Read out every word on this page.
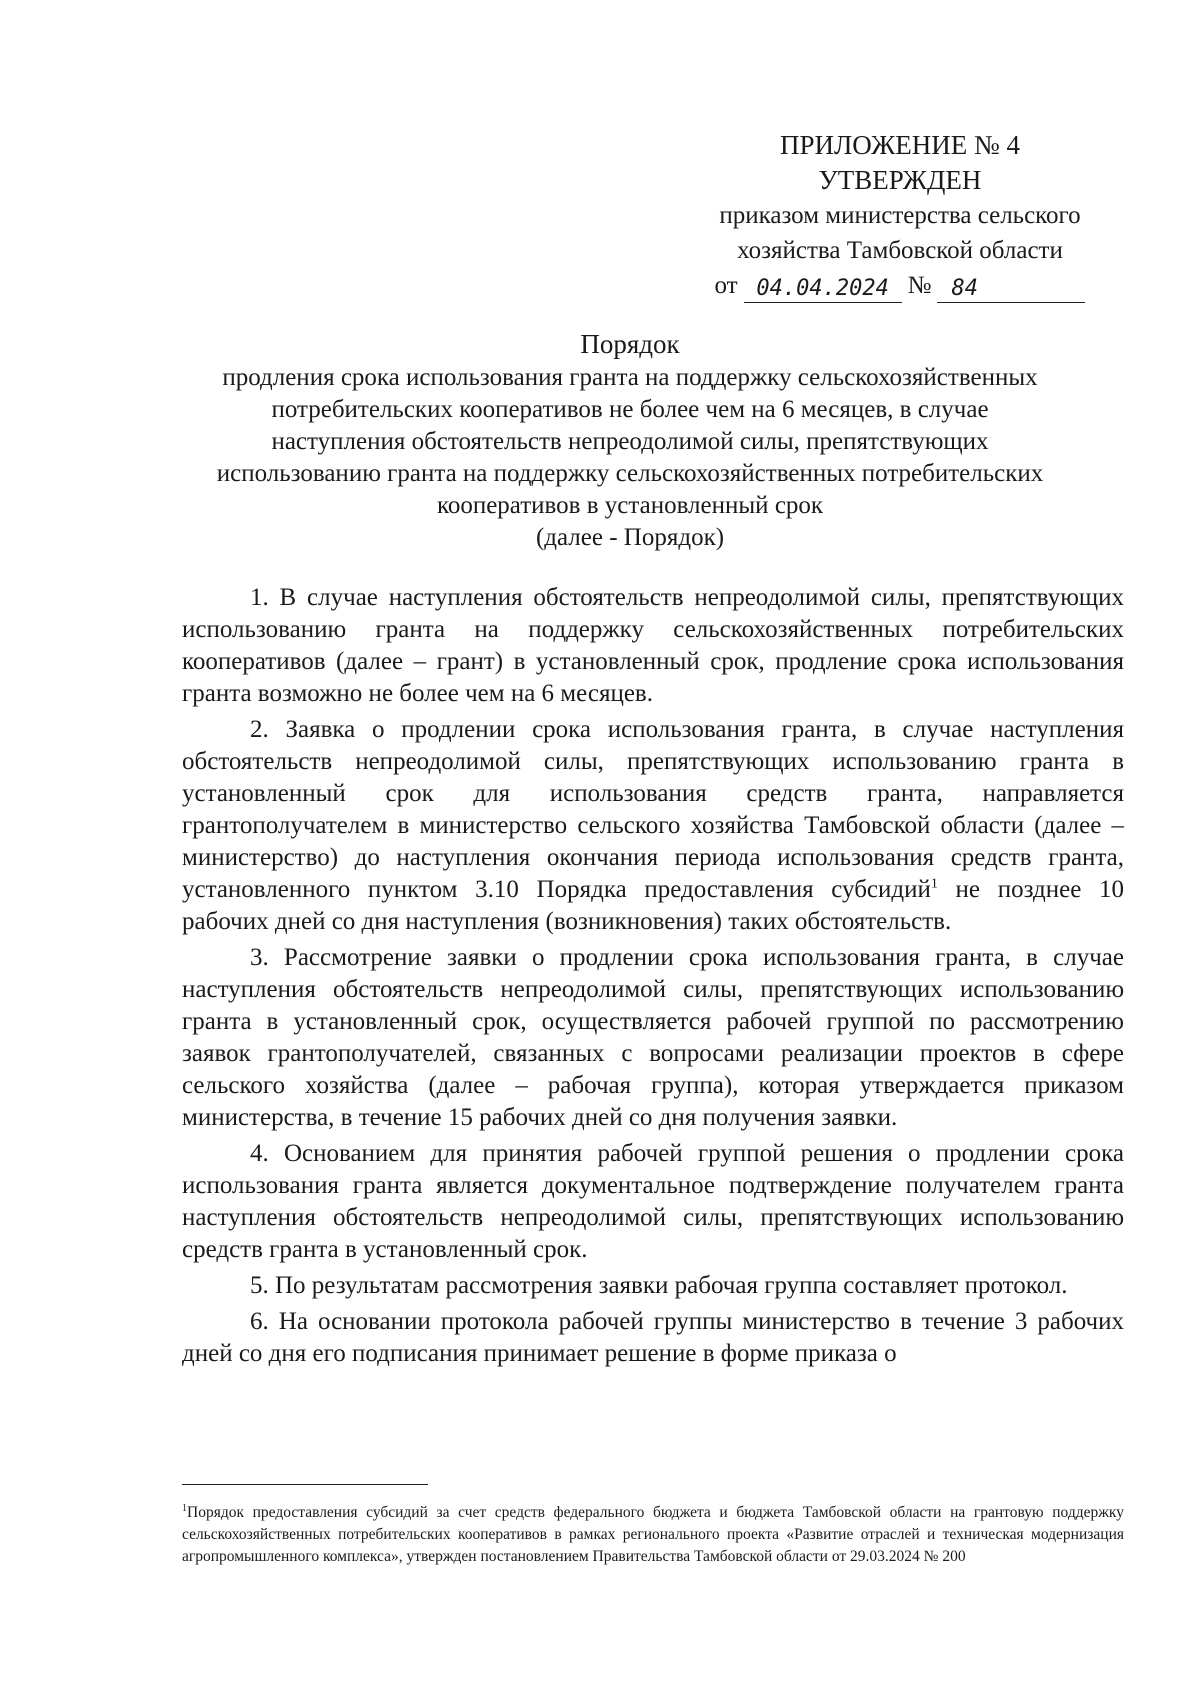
ПРИЛОЖЕНИЕ № 4
УТВЕРЖДЕН
приказом министерства сельского
хозяйства Тамбовской области
от 04.04.2024 № 84
Порядок
продления срока использования гранта на поддержку сельскохозяйственных
потребительских кооперативов не более чем на 6 месяцев, в случае
наступления обстоятельств непреодолимой силы, препятствующих
использованию гранта на поддержку сельскохозяйственных потребительских
кооперативов в установленный срок
(далее - Порядок)

1. В случае наступления обстоятельств непреодолимой силы, препятствующих использованию гранта на поддержку сельскохозяйственных потребительских кооперативов (далее – грант) в установленный срок, продление срока использования гранта возможно не более чем на 6 месяцев.

2. Заявка о продлении срока использования гранта, в случае наступления обстоятельств непреодолимой силы, препятствующих использованию гранта в установленный срок для использования средств гранта, направляется грантополучателем в министерство сельского хозяйства Тамбовской области (далее – министерство) до наступления окончания периода использования средств гранта, установленного пунктом 3.10 Порядка предоставления субсидий$^1$ не позднее 10 рабочих дней со дня наступления (возникновения) таких обстоятельств.

3. Рассмотрение заявки о продлении срока использования гранта, в случае наступления обстоятельств непреодолимой силы, препятствующих использованию гранта в установленный срок, осуществляется рабочей группой по рассмотрению заявок грантополучателей, связанных с вопросами реализации проектов в сфере сельского хозяйства (далее – рабочая группа), которая утверждается приказом министерства, в течение 15 рабочих дней со дня получения заявки.

4. Основанием для принятия рабочей группой решения о продлении срока использования гранта является документальное подтверждение получателем гранта наступления обстоятельств непреодолимой силы, препятствующих использованию средств гранта в установленный срок.

5. По результатам рассмотрения заявки рабочая группа составляет протокол.

6. На основании протокола рабочей группы министерство в течение 3 рабочих дней со дня его подписания принимает решение в форме приказа о

$^1$Порядок предоставления субсидий за счет средств федерального бюджета и бюджета Тамбовской области на грантовую поддержку сельскохозяйственных потребительских кооперативов в рамках регионального проекта «Развитие отраслей и техническая модернизация агропромышленного комплекса», утвержден постановлением Правительства Тамбовской области от 29.03.2024 № 200
